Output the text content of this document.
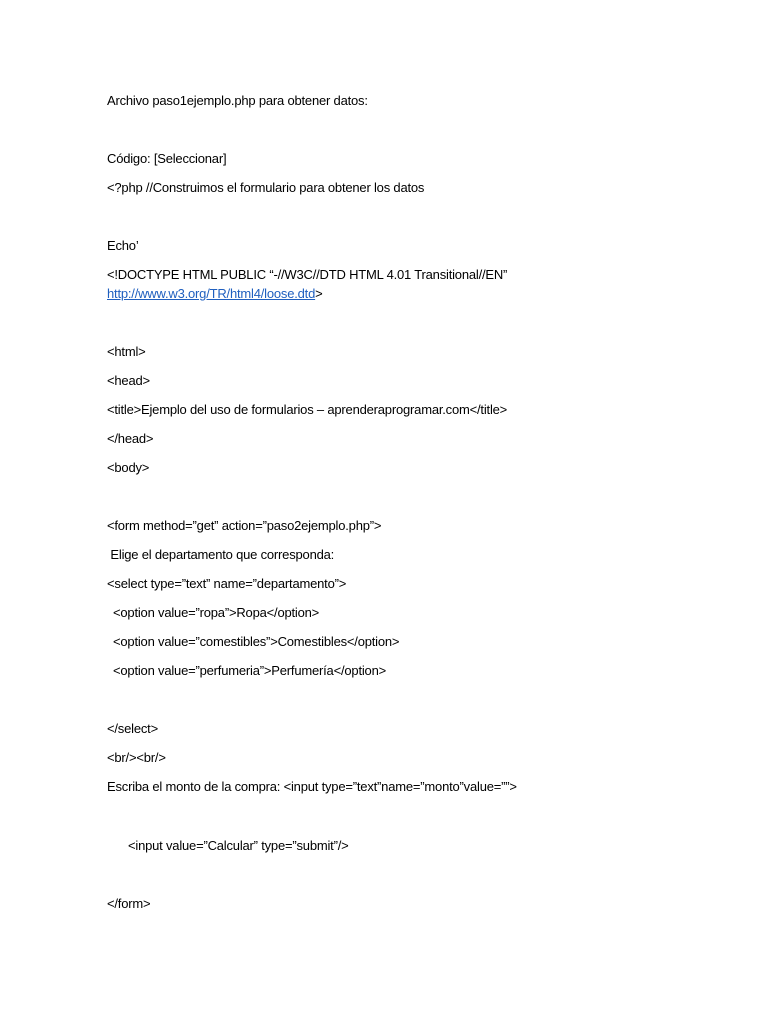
Archivo paso1ejemplo.php para obtener datos:
Código: [Seleccionar]
<?php //Construimos el formulario para obtener los datos
Echo’
<!DOCTYPE HTML PUBLIC “-//W3C//DTD HTML 4.01 Transitional//EN”
http://www.w3.org/TR/html4/loose.dtd>
<html>
<head>
<title>Ejemplo del uso de formularios – aprenderaprogramar.com</title>
</head>
<body>
<form method=”get” action=”paso2ejemplo.php”>
Elige el departamento que corresponda:
<select type=”text” name=”departamento”>
<option value=”ropa”>Ropa</option>
<option value=”comestibles”>Comestibles</option>
<option value=”perfumeria”>Perfumería</option>
</select>
<br/><br/>
Escriba el monto de la compra: <input type=”text”name=”monto”value=””>
<input value=”Calcular” type=”submit”/>
</form>
